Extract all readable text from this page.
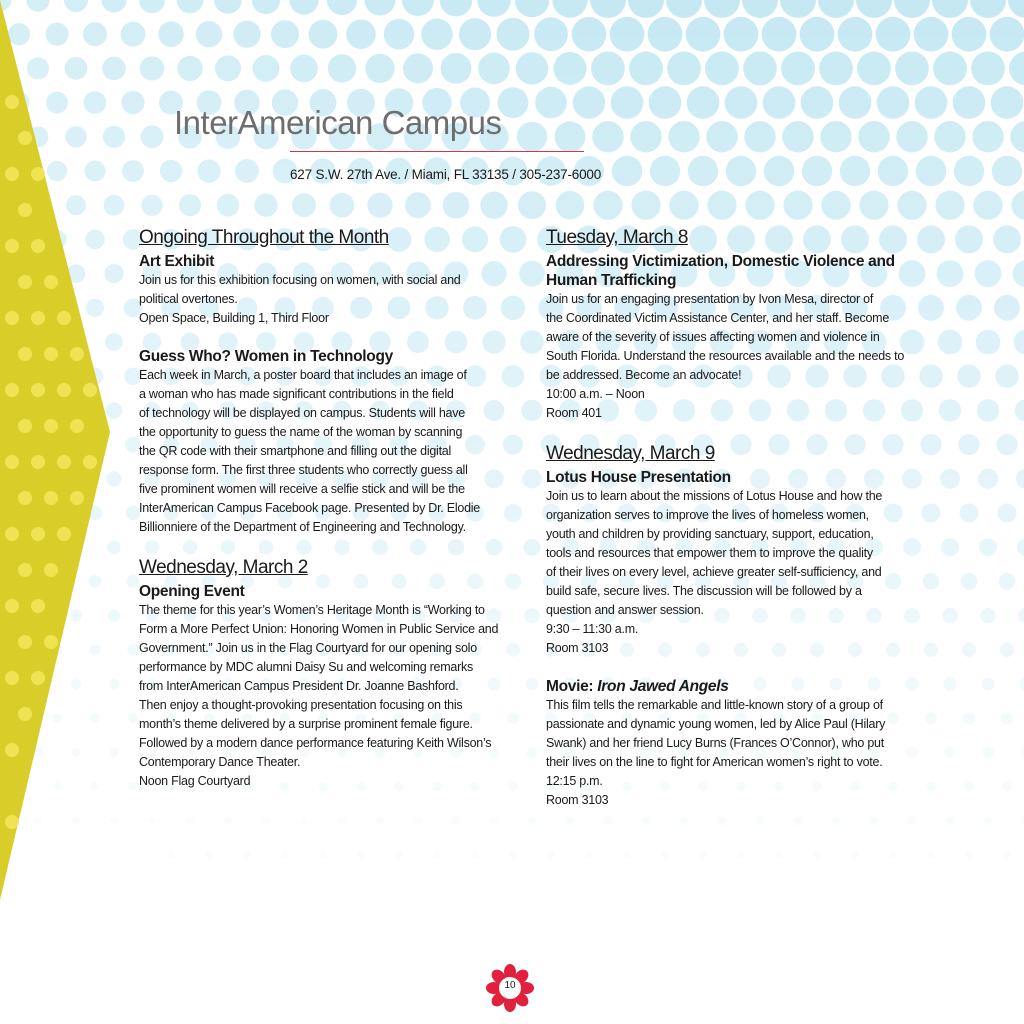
InterAmerican Campus
627 S.W. 27th Ave. / Miami, FL 33135 / 305-237-6000
Ongoing Throughout the Month
Art Exhibit
Join us for this exhibition focusing on women, with social and
political overtones.
Open Space, Building 1, Third Floor
Guess Who? Women in Technology
Each week in March, a poster board that includes an image of
a woman who has made significant contributions in the field
of technology will be displayed on campus. Students will have
the opportunity to guess the name of the woman by scanning
the QR code with their smartphone and filling out the digital
response form. The first three students who correctly guess all
five prominent women will receive a selfie stick and will be the
InterAmerican Campus Facebook page. Presented by Dr. Elodie
Billionniere of the Department of Engineering and Technology.
Wednesday, March 2
Opening Event
The theme for this year’s Women’s Heritage Month is “Working to
Form a More Perfect Union: Honoring Women in Public Service and
Government.” Join us in the Flag Courtyard for our opening solo
performance by MDC alumni Daisy Su and welcoming remarks
from InterAmerican Campus President Dr. Joanne Bashford.
Then enjoy a thought-provoking presentation focusing on this
month’s theme delivered by a surprise prominent female figure.
Followed by a modern dance performance featuring Keith Wilson’s
Contemporary Dance Theater.
Noon Flag Courtyard
Tuesday, March 8
Addressing Victimization, Domestic Violence and
Human Trafficking
Join us for an engaging presentation by Ivon Mesa, director of
the Coordinated Victim Assistance Center, and her staff. Become
aware of the severity of issues affecting women and violence in
South Florida. Understand the resources available and the needs to
be addressed. Become an advocate!
10:00 a.m. – Noon
Room 401
Wednesday, March 9
Lotus House Presentation
Join us to learn about the missions of Lotus House and how the
organization serves to improve the lives of homeless women,
youth and children by providing sanctuary, support, education,
tools and resources that empower them to improve the quality
of their lives on every level, achieve greater self-sufficiency, and
build safe, secure lives. The discussion will be followed by a
question and answer session.
9:30 – 11:30 a.m.
Room 3103
Movie: Iron Jawed Angels
This film tells the remarkable and little-known story of a group of
passionate and dynamic young women, led by Alice Paul (Hilary
Swank) and her friend Lucy Burns (Frances O’Connor), who put
their lives on the line to fight for American women’s right to vote.
12:15 p.m.
Room 3103
10
